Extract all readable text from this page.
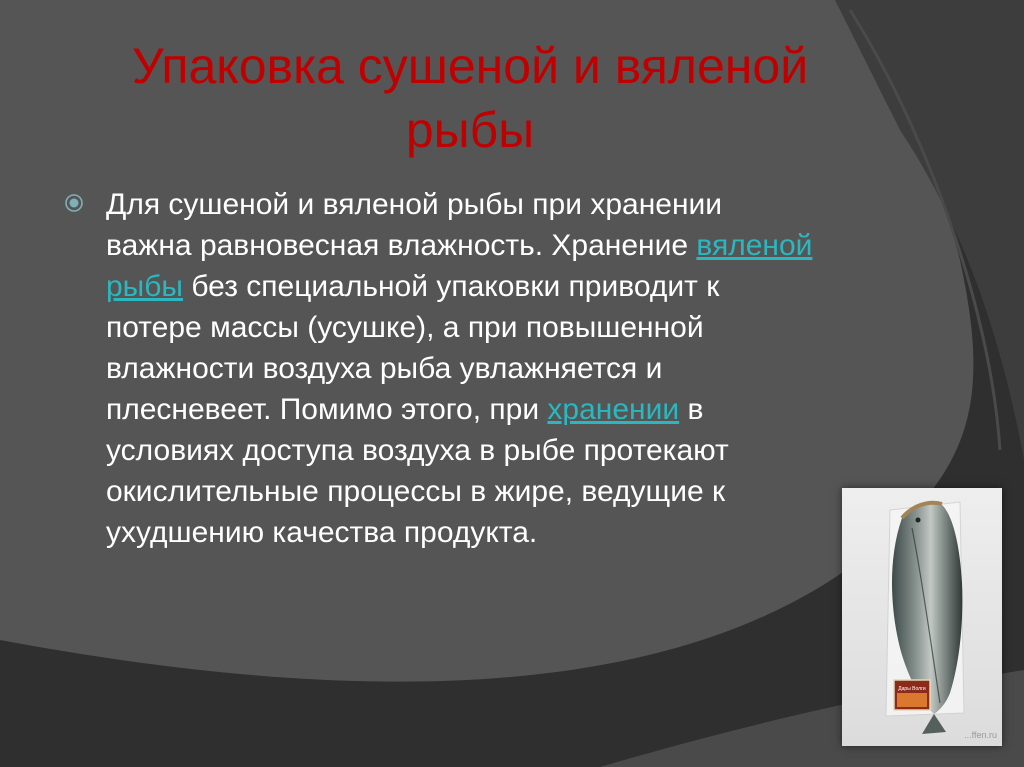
Упаковка сушеной и вяленой
рыбы

Для сушеной и вяленой рыбы при хранении важна равновесная влажность. Хранение вяленой рыбы без специальной упаковки приводит к потере массы (усушке), а при повышенной влажности воздуха рыба увлажняется и плесневеет. Помимо этого, при хранении в условиях доступа воздуха в рыбе протекают окислительные процессы в жире, ведущие к ухудшению качества продукта.

Дары Волги
...ffen.ru
